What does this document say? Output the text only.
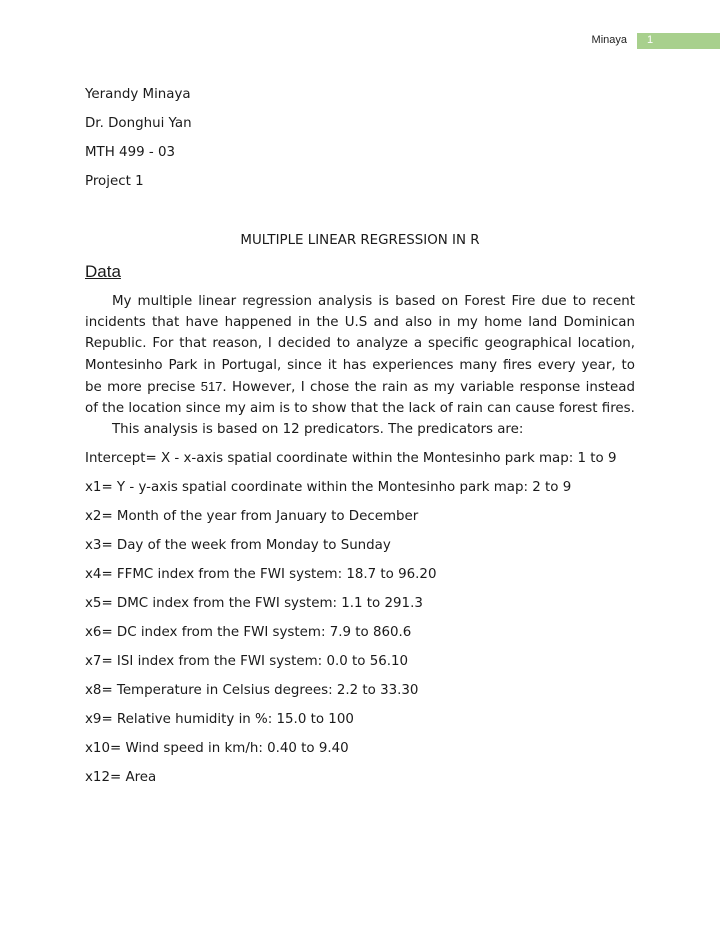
Minaya 1
Yerandy Minaya
Dr. Donghui Yan
MTH 499 - 03
Project 1
MULTIPLE LINEAR REGRESSION IN R
Data

My multiple linear regression analysis is based on Forest Fire due to recent incidents that have happened in the U.S and also in my home land Dominican Republic. For that reason, I decided to analyze a specific geographical location, Montesinho Park in Portugal, since it has experiences many fires every year, to be more precise 517. However, I chose the rain as my variable response instead of the location since my aim is to show that the lack of rain can cause forest fires.

This analysis is based on 12 predicators. The predicators are:
Intercept= X - x-axis spatial coordinate within the Montesinho park map: 1 to 9
x1= Y - y-axis spatial coordinate within the Montesinho park map: 2 to 9
x2= Month of the year from January to December
x3= Day of the week from Monday to Sunday
x4= FFMC index from the FWI system: 18.7 to 96.20
x5= DMC index from the FWI system: 1.1 to 291.3
x6= DC index from the FWI system: 7.9 to 860.6
x7= ISI index from the FWI system: 0.0 to 56.10
x8= Temperature in Celsius degrees: 2.2 to 33.30
x9= Relative humidity in %: 15.0 to 100
x10= Wind speed in km/h: 0.40 to 9.40
x12= Area
